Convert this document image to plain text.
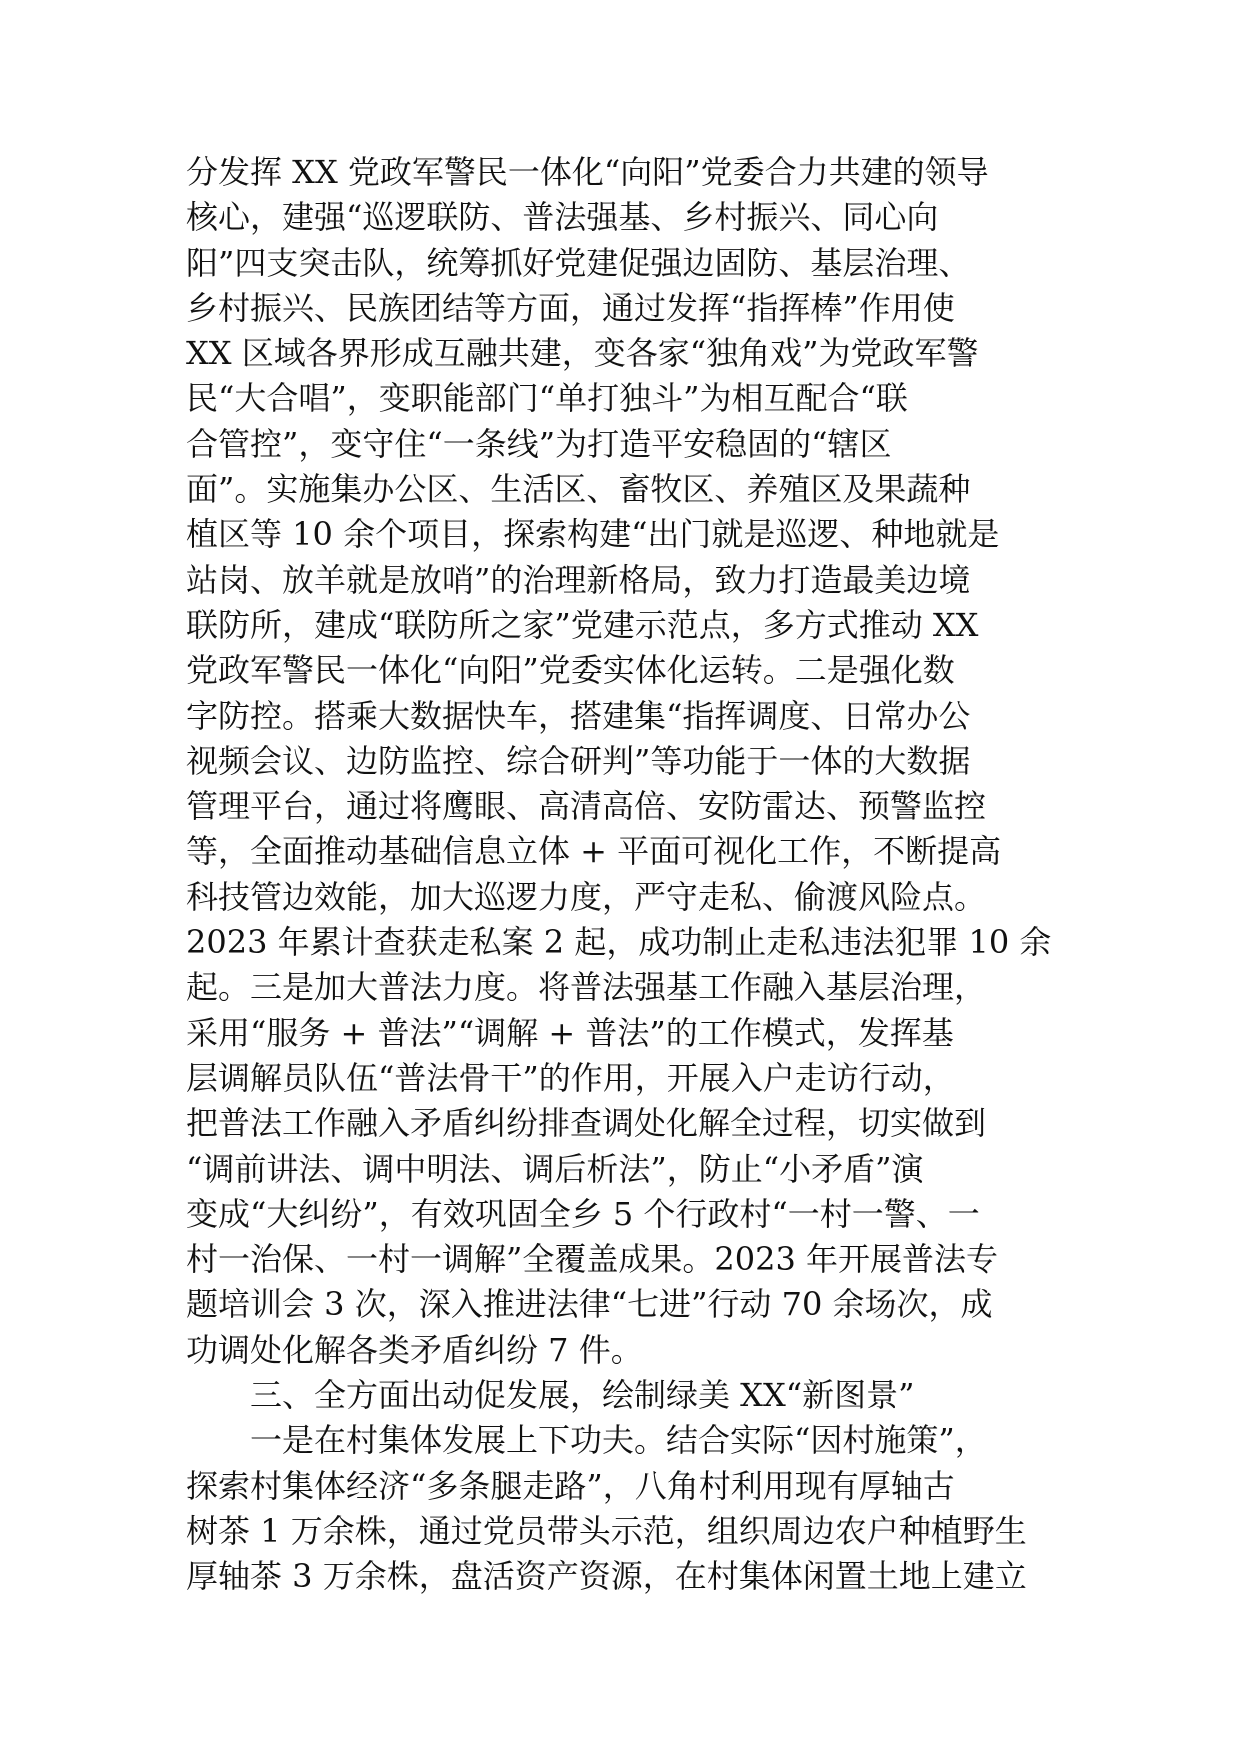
分发挥 XX 党政军警民一体化“向阳”党委合力共建的领导
核心，建强“巡逻联防、普法强基、乡村振兴、同心向
阳”四支突击队，统筹抓好党建促强边固防、基层治理、
乡村振兴、民族团结等方面，通过发挥“指挥棒”作用使
XX 区域各界形成互融共建，变各家“独角戏”为党政军警
民“大合唱”，变职能部门“单打独斗”为相互配合“联
合管控”，变守住“一条线”为打造平安稳固的“辖区
面”。实施集办公区、生活区、畜牧区、养殖区及果蔬种
植区等 10 余个项目，探索构建“出门就是巡逻、种地就是
站岗、放羊就是放哨”的治理新格局，致力打造最美边境
联防所，建成“联防所之家”党建示范点，多方式推动 XX
党政军警民一体化“向阳”党委实体化运转。二是强化数
字防控。搭乘大数据快车，搭建集“指挥调度、日常办公
视频会议、边防监控、综合研判”等功能于一体的大数据
管理平台，通过将鹰眼、高清高倍、安防雷达、预警监控
等，全面推动基础信息立体 + 平面可视化工作，不断提高
科技管边效能，加大巡逻力度，严守走私、偷渡风险点。
2023 年累计查获走私案 2 起，成功制止走私违法犯罪 10 余
起。三是加大普法力度。将普法强基工作融入基层治理，
采用“服务 + 普法”“调解 + 普法”的工作模式，发挥基
层调解员队伍“普法骨干”的作用，开展入户走访行动，
把普法工作融入矛盾纠纷排查调处化解全过程，切实做到
“调前讲法、调中明法、调后析法”，防止“小矛盾”演
变成“大纠纷”，有效巩固全乡 5 个行政村“一村一警、一
村一治保、一村一调解”全覆盖成果。2023 年开展普法专
题培训会 3 次，深入推进法律“七进”行动 70 余场次，成
功调处化解各类矛盾纠纷 7 件。
三、全方面出动促发展，绘制绿美 XX“新图景”
一是在村集体发展上下功夫。结合实际“因村施策”，
探索村集体经济“多条腿走路”，八角村利用现有厚轴古
树茶 1 万余株，通过党员带头示范，组织周边农户种植野生
厚轴茶 3 万余株，盘活资产资源，在村集体闲置土地上建立
